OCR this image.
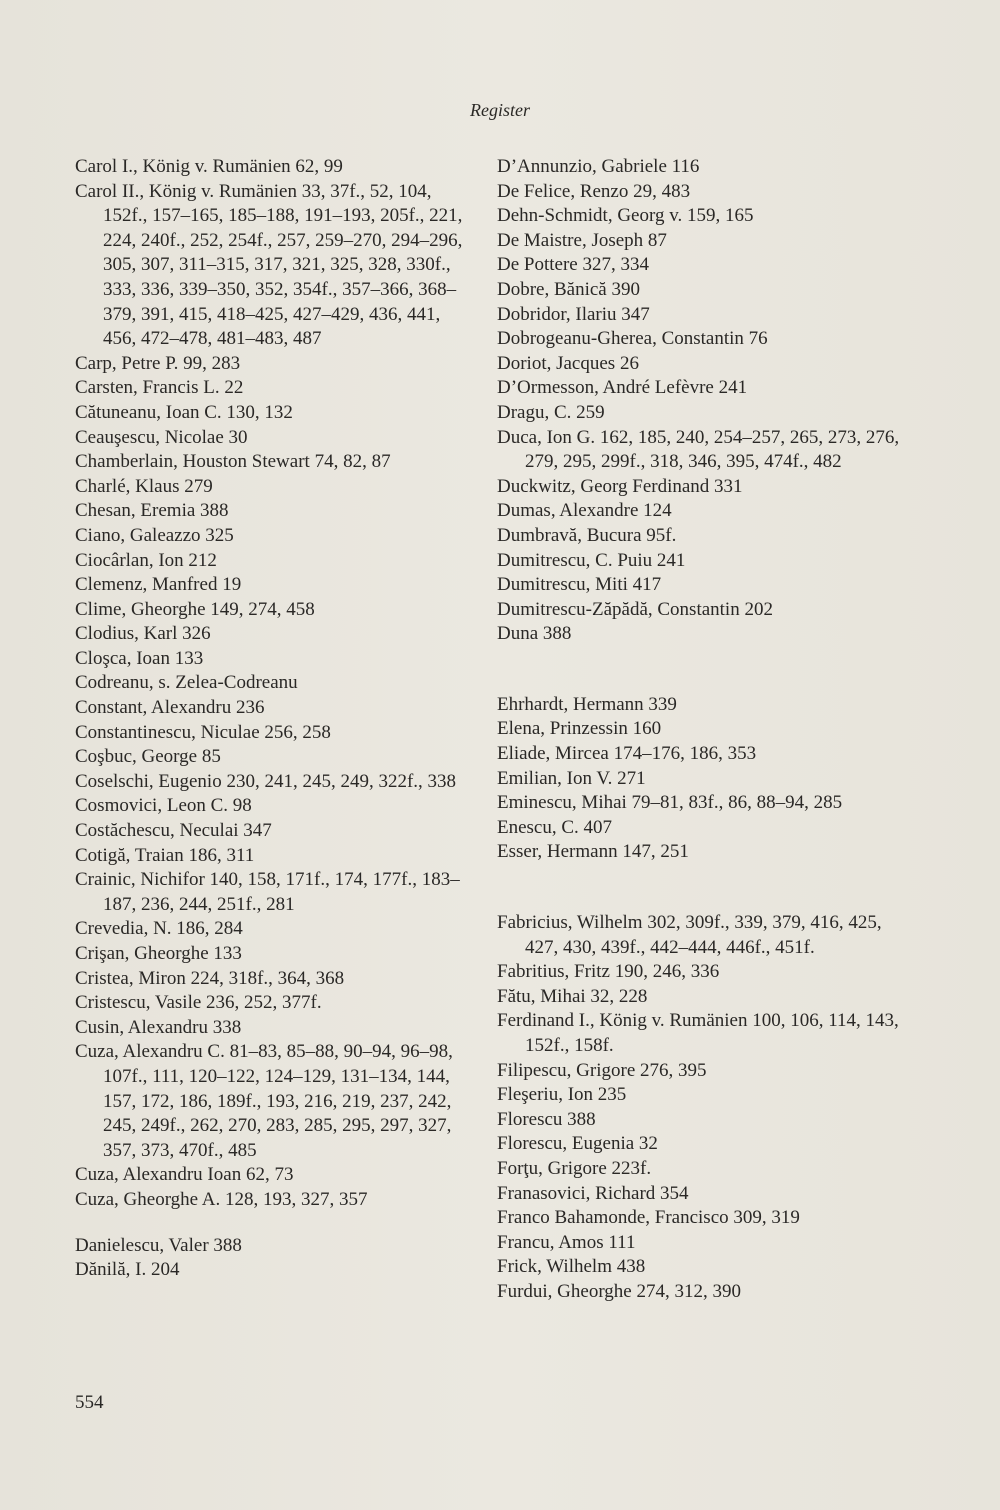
Register
Carol I., König v. Rumänien 62, 99
Carol II., König v. Rumänien 33, 37f., 52, 104, 152f., 157–165, 185–188, 191–193, 205f., 221, 224, 240f., 252, 254f., 257, 259–270, 294–296, 305, 307, 311–315, 317, 321, 325, 328, 330f., 333, 336, 339–350, 352, 354f., 357–366, 368–379, 391, 415, 418–425, 427–429, 436, 441, 456, 472–478, 481–483, 487
Carp, Petre P. 99, 283
Carsten, Francis L. 22
Cătuneanu, Ioan C. 130, 132
Ceauşescu, Nicolae 30
Chamberlain, Houston Stewart 74, 82, 87
Charlé, Klaus 279
Chesan, Eremia 388
Ciano, Galeazzo 325
Ciocârlan, Ion 212
Clemenz, Manfred 19
Clime, Gheorghe 149, 274, 458
Clodius, Karl 326
Cloşca, Ioan 133
Codreanu, s. Zelea-Codreanu
Constant, Alexandru 236
Constantinescu, Niculae 256, 258
Coşbuc, George 85
Coselschi, Eugenio 230, 241, 245, 249, 322f., 338
Cosmovici, Leon C. 98
Costăchescu, Neculai 347
Cotigă, Traian 186, 311
Crainic, Nichifor 140, 158, 171f., 174, 177f., 183–187, 236, 244, 251f., 281
Crevedia, N. 186, 284
Crişan, Gheorghe 133
Cristea, Miron 224, 318f., 364, 368
Cristescu, Vasile 236, 252, 377f.
Cusin, Alexandru 338
Cuza, Alexandru C. 81–83, 85–88, 90–94, 96–98, 107f., 111, 120–122, 124–129, 131–134, 144, 157, 172, 186, 189f., 193, 216, 219, 237, 242, 245, 249f., 262, 270, 283, 285, 295, 297, 327, 357, 373, 470f., 485
Cuza, Alexandru Ioan 62, 73
Cuza, Gheorghe A. 128, 193, 327, 357
Danielescu, Valer 388
Dănilă, I. 204
D’Annunzio, Gabriele 116
De Felice, Renzo 29, 483
Dehn-Schmidt, Georg v. 159, 165
De Maistre, Joseph 87
De Pottere 327, 334
Dobre, Bănică 390
Dobridor, Ilariu 347
Dobrogeanu-Gherea, Constantin 76
Doriot, Jacques 26
D’Ormesson, André Lefèvre 241
Dragu, C. 259
Duca, Ion G. 162, 185, 240, 254–257, 265, 273, 276, 279, 295, 299f., 318, 346, 395, 474f., 482
Duckwitz, Georg Ferdinand 331
Dumas, Alexandre 124
Dumbravă, Bucura 95f.
Dumitrescu, C. Puiu 241
Dumitrescu, Miti 417
Dumitrescu-Zăpădă, Constantin 202
Duna 388
Ehrhardt, Hermann 339
Elena, Prinzessin 160
Eliade, Mircea 174–176, 186, 353
Emilian, Ion V. 271
Eminescu, Mihai 79–81, 83f., 86, 88–94, 285
Enescu, C. 407
Esser, Hermann 147, 251
Fabricius, Wilhelm 302, 309f., 339, 379, 416, 425, 427, 430, 439f., 442–444, 446f., 451f.
Fabritius, Fritz 190, 246, 336
Fătu, Mihai 32, 228
Ferdinand I., König v. Rumänien 100, 106, 114, 143, 152f., 158f.
Filipescu, Grigore 276, 395
Fleşeriu, Ion 235
Florescu 388
Florescu, Eugenia 32
Forţu, Grigore 223f.
Franasovici, Richard 354
Franco Bahamonde, Francisco 309, 319
Francu, Amos 111
Frick, Wilhelm 438
Furdui, Gheorghe 274, 312, 390
554
